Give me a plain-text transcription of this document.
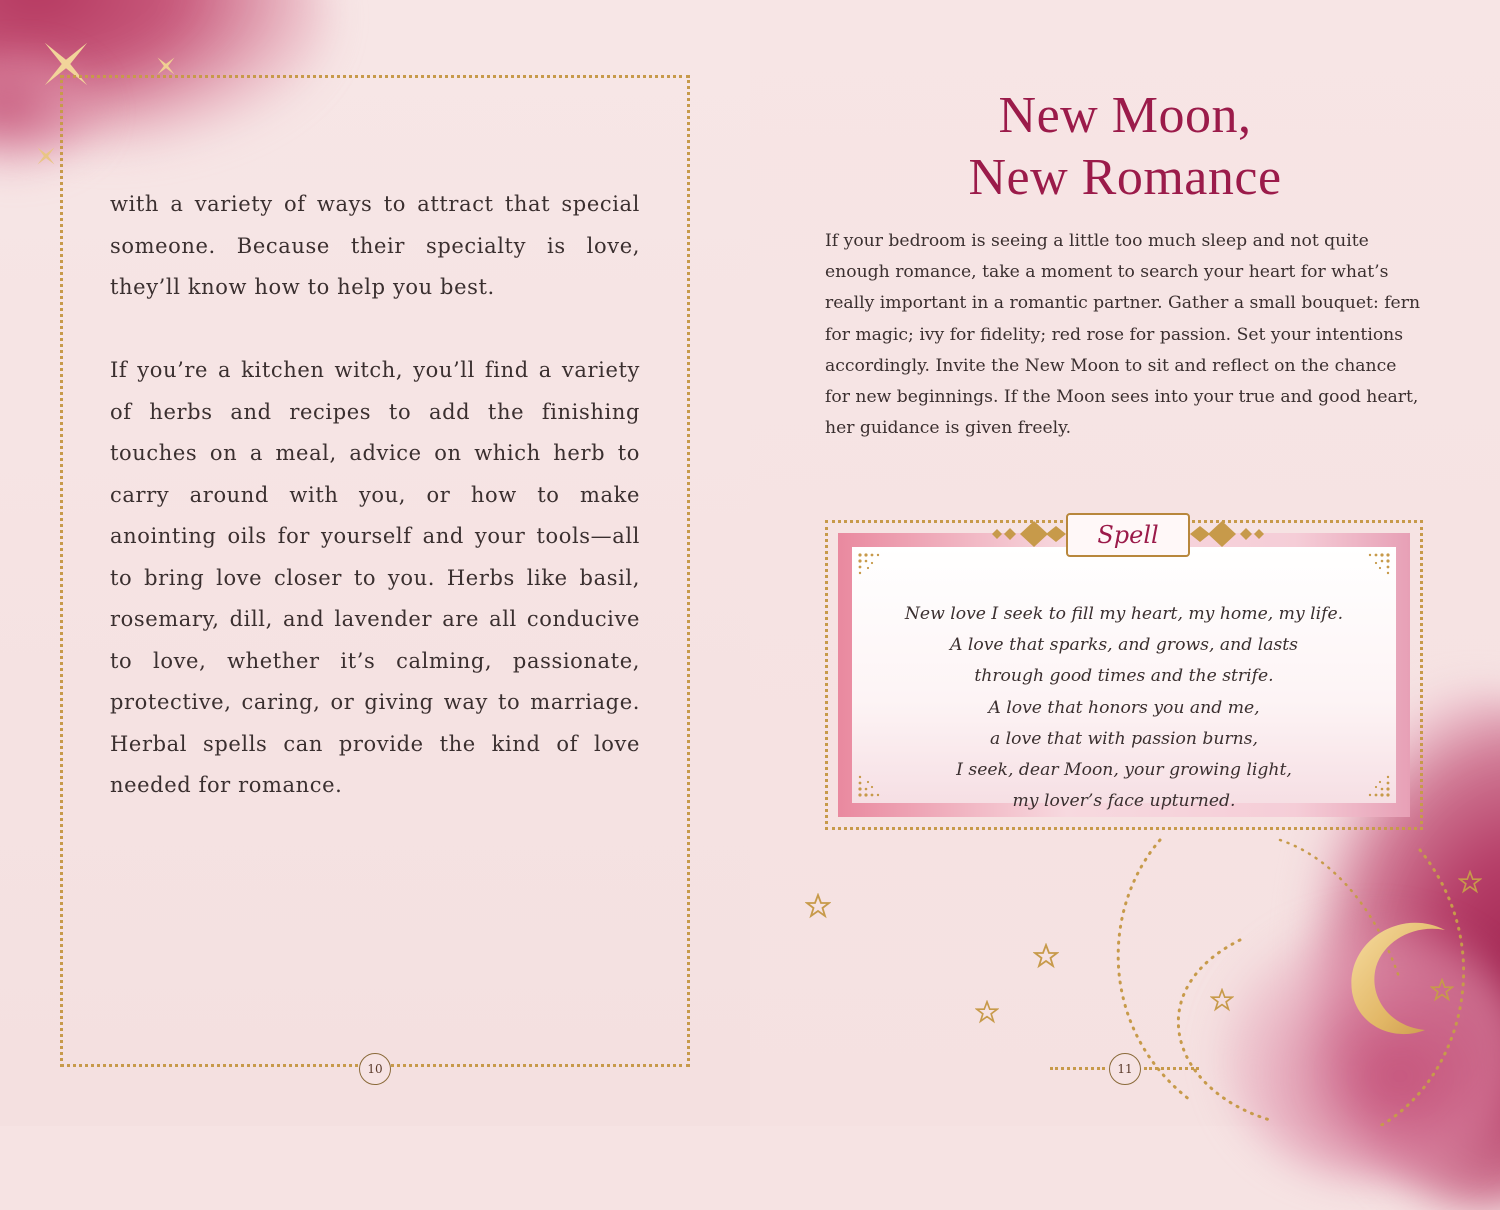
with a variety of ways to attract that special someone. Because their specialty is love, they’ll know how to help you best.

If you’re a kitchen witch, you’ll find a variety of herbs and recipes to add the finishing touches on a meal, advice on which herb to carry around with you, or how to make anointing oils for yourself and your tools—all to bring love closer to you. Herbs like basil, rosemary, dill, and lavender are all conducive to love, whether it’s calming, passionate, protective, caring, or giving way to marriage. Herbal spells can provide the kind of love needed for romance.

10
New Moon,
New Romance
If your bedroom is seeing a little too much sleep and not quite enough romance, take a moment to search your heart for what’s really important in a romantic partner. Gather a small bouquet: fern for magic; ivy for fidelity; red rose for passion. Set your intentions accordingly. Invite the New Moon to sit and reflect on the chance for new beginnings. If the Moon sees into your true and good heart, her guidance is given freely.
New love I seek to fill my heart, my home, my life.
A love that sparks, and grows, and lasts
through good times and the strife.
A love that honors you and me,
a love that with passion burns,
I seek, dear Moon, your growing light,
my lover’s face upturned.
Spell
11
